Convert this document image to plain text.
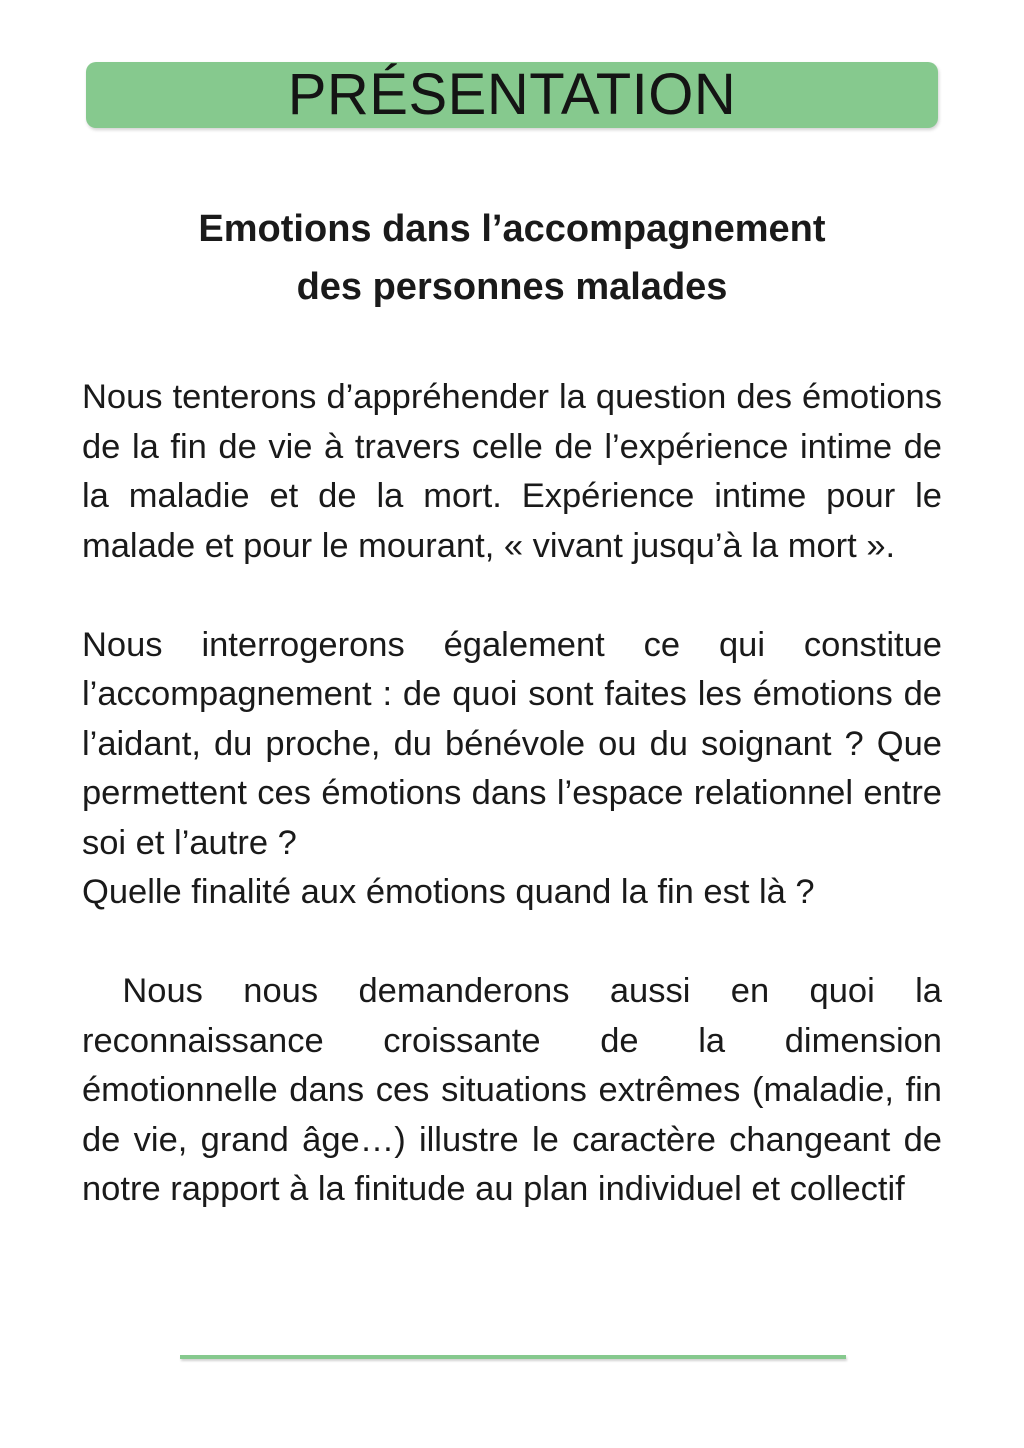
PRÉSENTATION
Emotions dans l’accompagnement
des personnes malades

Nous tenterons d’appréhender la question des émotions de la fin de vie à travers celle de l’expérience intime de la maladie et de la mort. Expérience intime pour le malade et pour le mourant, « vivant jusqu’à la mort ».

Nous interrogerons également ce qui constitue l’accompagnement : de quoi sont faites les émotions de l’aidant, du proche, du bénévole ou du soignant ? Que permettent ces émotions dans l’espace relationnel entre soi et l’autre ?

Quelle finalité aux émotions quand la fin est là ?

Nous nous demanderons aussi en quoi la reconnaissance croissante de la dimension émotionnelle dans ces situations extrêmes (maladie, fin de vie, grand âge…) illustre le caractère changeant de notre rapport à la finitude au plan individuel et collectif
